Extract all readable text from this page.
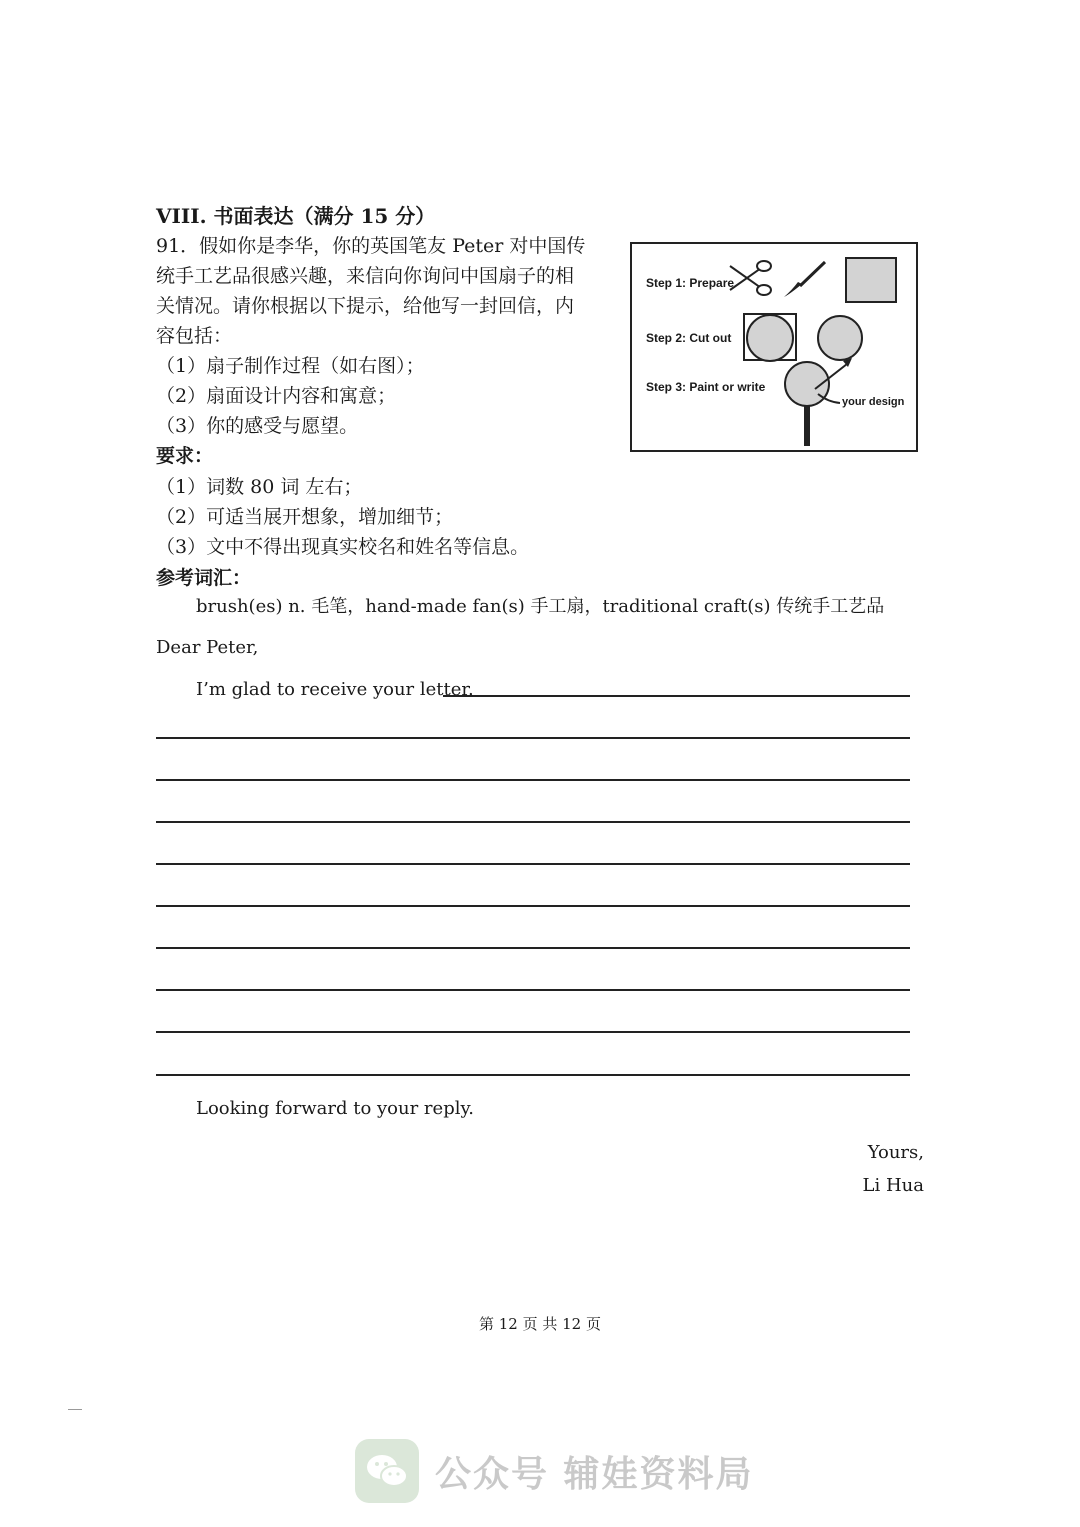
VIII. 书面表达（满分 15 分）
91．假如你是李华，你的英国笔友 Peter 对中国传
统手工艺品很感兴趣，来信向你询问中国扇子的相
关情况。请你根据以下提示，给他写一封回信，内
容包括：
（1）扇子制作过程（如右图）；
（2）扇面设计内容和寓意；
（3）你的感受与愿望。
要求：
（1）词数 80 词 左右；
（2）可适当展开想象，增加细节；
（3）文中不得出现真实校名和姓名等信息。
参考词汇：
brush(es) n. 毛笔，hand-made fan(s) 手工扇，traditional craft(s) 传统手工艺品
Step 1: Prepare
Step 2: Cut out
Step 3: Paint or write
your design
Dear Peter,
I’m glad to receive your letter.
Looking forward to your reply.
Yours,
Li Hua
第 12 页 共 12 页
公众号 辅娃资料局
